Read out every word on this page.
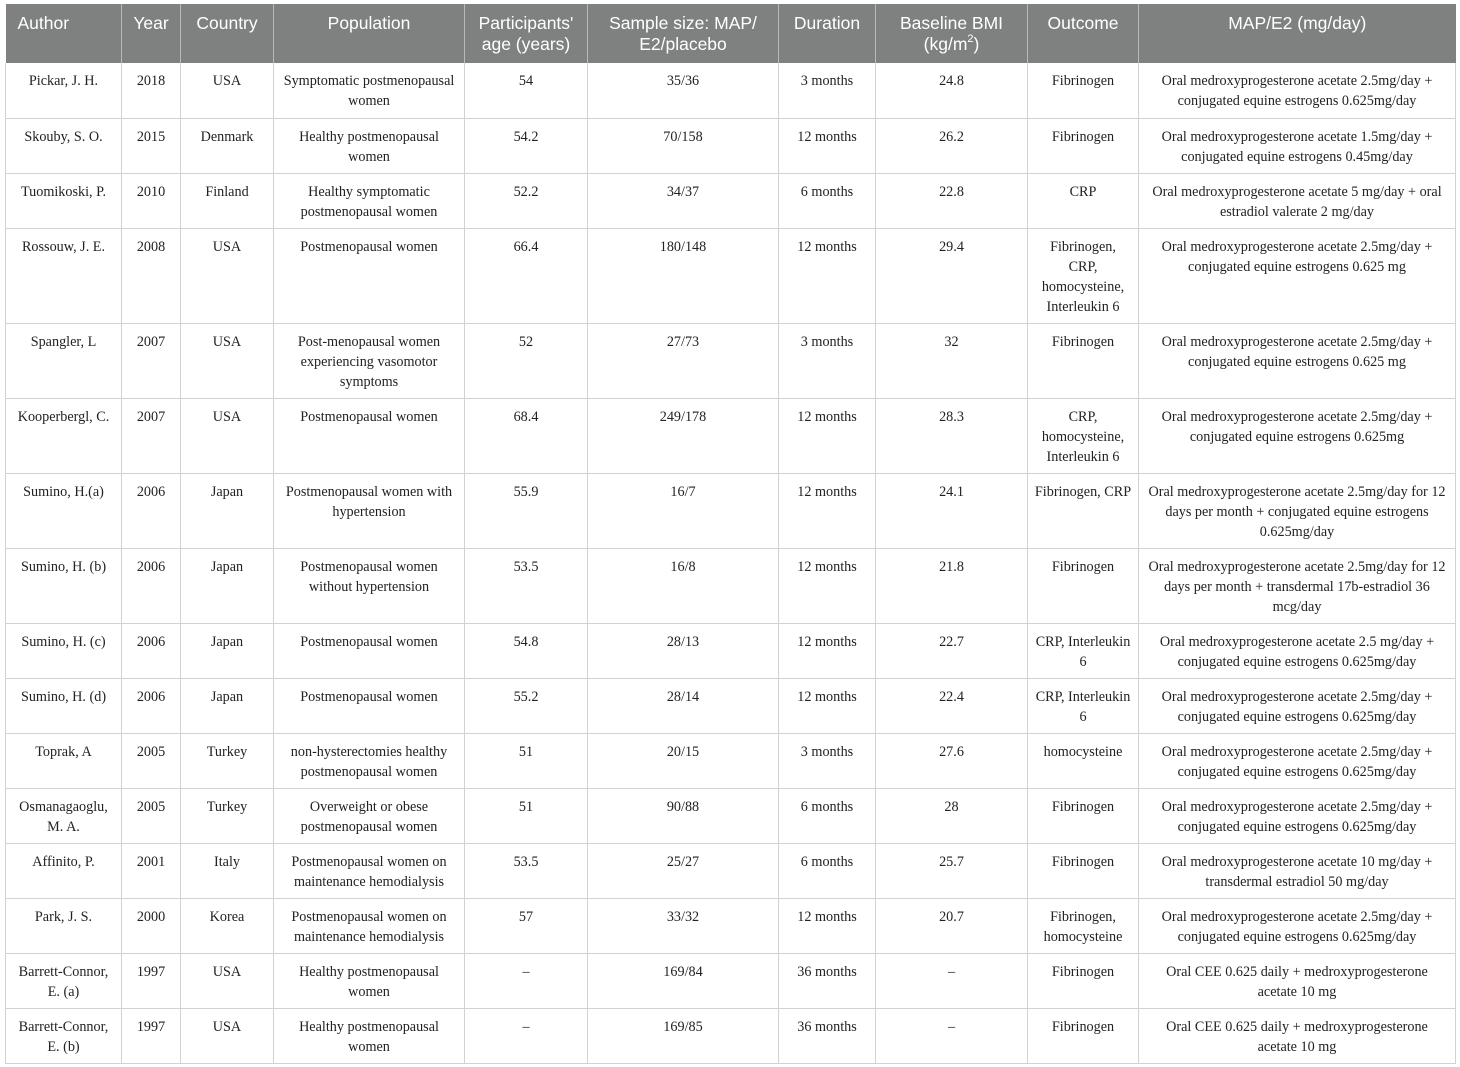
Author	Year	Country	Population	Participants' age (years)	Sample size: MAP/ E2/placebo	Duration	Baseline BMI $(kg/m^2)$	Outcome	MAP/E2 (mg/day)
Pickar, J. H.	2018	USA	Symptomatic postmenopausal women	54	35/36	3 months	24.8	Fibrinogen	Oral medroxyprogesterone acetate 2.5mg/day + conjugated equine estrogens 0.625mg/day
Skouby, S. O.	2015	Denmark	Healthy postmenopausal women	54.2	70/158	12 months	26.2	Fibrinogen	Oral medroxyprogesterone acetate 1.5mg/day + conjugated equine estrogens 0.45mg/day
Tuomikoski, P.	2010	Finland	Healthy symptomatic postmenopausal women	52.2	34/37	6 months	22.8	CRP	Oral medroxyprogesterone acetate 5 mg/day + oral estradiol valerate 2 mg/day
Rossouw, J. E.	2008	USA	Postmenopausal women	66.4	180/148	12 months	29.4	Fibrinogen, CRP, homocysteine, Interleukin 6	Oral medroxyprogesterone acetate 2.5mg/day + conjugated equine estrogens 0.625 mg
Spangler, L	2007	USA	Post-menopausal women experiencing vasomotor symptoms	52	27/73	3 months	32	Fibrinogen	Oral medroxyprogesterone acetate 2.5mg/day + conjugated equine estrogens 0.625 mg
Kooperbergl, C.	2007	USA	Postmenopausal women	68.4	249/178	12 months	28.3	CRP, homocysteine, Interleukin 6	Oral medroxyprogesterone acetate 2.5mg/day + conjugated equine estrogens 0.625mg
Sumino, H.(a)	2006	Japan	Postmenopausal women with hypertension	55.9	16/7	12 months	24.1	Fibrinogen, CRP	Oral medroxyprogesterone acetate 2.5mg/day for 12 days per month + conjugated equine estrogens 0.625mg/day
Sumino, H. (b)	2006	Japan	Postmenopausal women without hypertension	53.5	16/8	12 months	21.8	Fibrinogen	Oral medroxyprogesterone acetate 2.5mg/day for 12 days per month + transdermal 17b-estradiol 36 mcg/day
Sumino, H. (c)	2006	Japan	Postmenopausal women	54.8	28/13	12 months	22.7	CRP, Interleukin 6	Oral medroxyprogesterone acetate 2.5 mg/day + conjugated equine estrogens 0.625mg/day
Sumino, H. (d)	2006	Japan	Postmenopausal women	55.2	28/14	12 months	22.4	CRP, Interleukin 6	Oral medroxyprogesterone acetate 2.5mg/day + conjugated equine estrogens 0.625mg/day
Toprak, A	2005	Turkey	non-hysterectomies healthy postmenopausal women	51	20/15	3 months	27.6	homocysteine	Oral medroxyprogesterone acetate 2.5mg/day + conjugated equine estrogens 0.625mg/day
Osmanagaoglu, M. A.	2005	Turkey	Overweight or obese postmenopausal women	51	90/88	6 months	28	Fibrinogen	Oral medroxyprogesterone acetate 2.5mg/day + conjugated equine estrogens 0.625mg/day
Affinito, P.	2001	Italy	Postmenopausal women on maintenance hemodialysis	53.5	25/27	6 months	25.7	Fibrinogen	Oral medroxyprogesterone acetate 10 mg/day + transdermal estradiol 50 mg/day
Park, J. S.	2000	Korea	Postmenopausal women on maintenance hemodialysis	57	33/32	12 months	20.7	Fibrinogen, homocysteine	Oral medroxyprogesterone acetate 2.5mg/day + conjugated equine estrogens 0.625mg/day
Barrett-Connor, E. (a)	1997	USA	Healthy postmenopausal women	–	169/84	36 months	–	Fibrinogen	Oral CEE 0.625 daily + medroxyprogesterone acetate 10 mg
Barrett-Connor, E. (b)	1997	USA	Healthy postmenopausal women	–	169/85	36 months	–	Fibrinogen	Oral CEE 0.625 daily + medroxyprogesterone acetate 10 mg
